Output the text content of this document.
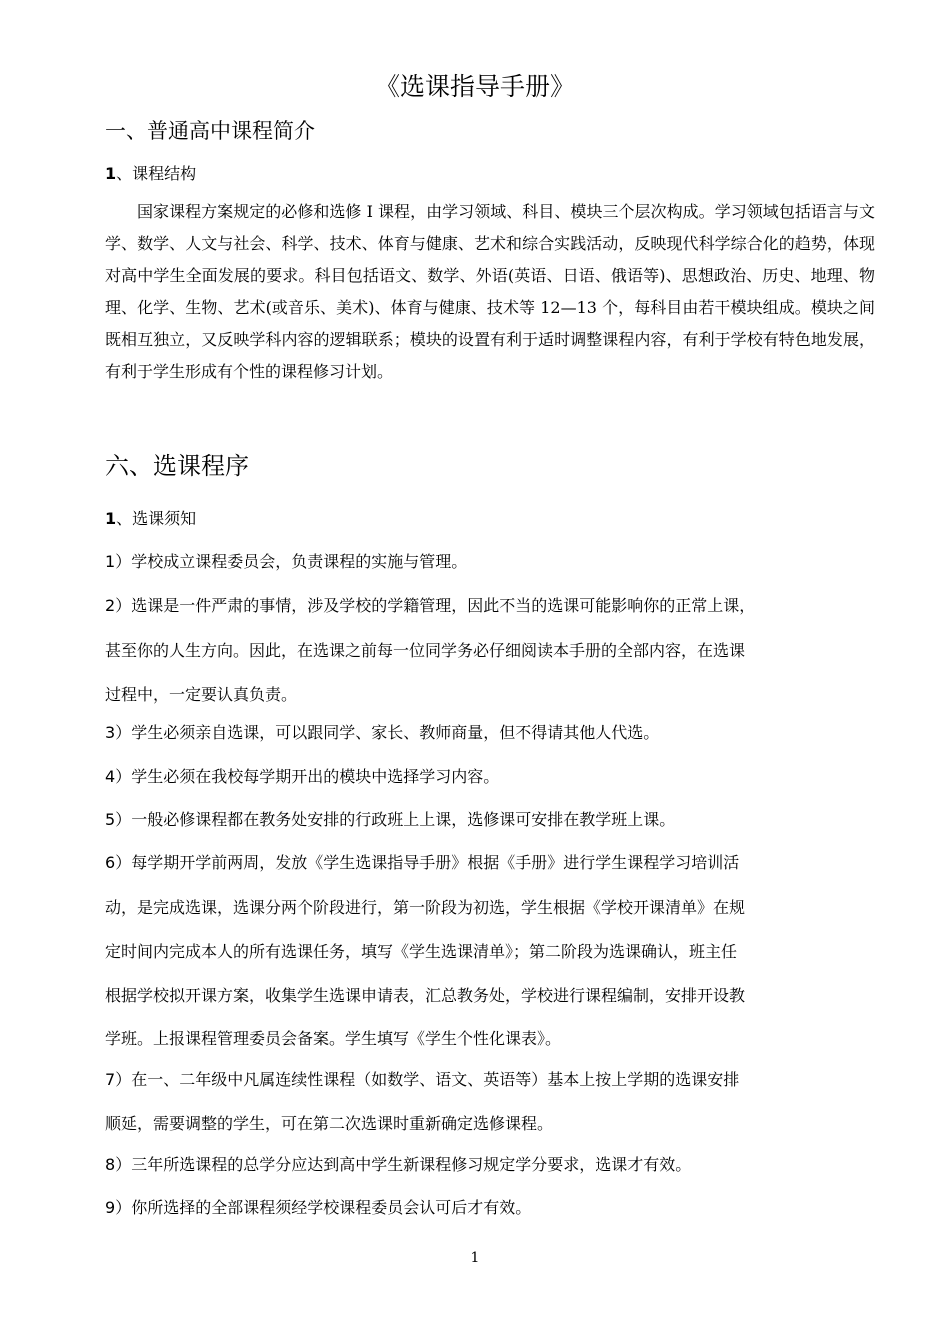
《选课指导手册》
一、普通高中课程简介
1、课程结构
国家课程方案规定的必修和选修 I 课程，由学习领域、科目、模块三个层次构成。学习领域包括语言与文学、数学、人文与社会、科学、技术、体育与健康、艺术和综合实践活动，反映现代科学综合化的趋势，体现对高中学生全面发展的要求。科目包括语文、数学、外语(英语、日语、俄语等)、思想政治、历史、地理、物理、化学、生物、艺术(或音乐、美术)、体育与健康、技术等 12—13 个，每科目由若干模块组成。模块之间既相互独立，又反映学科内容的逻辑联系；模块的设置有利于适时调整课程内容，有利于学校有特色地发展，有利于学生形成有个性的课程修习计划。
六、选课程序
1、选课须知
1）学校成立课程委员会，负责课程的实施与管理。
2）选课是一件严肃的事情，涉及学校的学籍管理，因此不当的选课可能影响你的正常上课，
甚至你的人生方向。因此，在选课之前每一位同学务必仔细阅读本手册的全部内容，在选课
过程中，一定要认真负责。
3）学生必须亲自选课，可以跟同学、家长、教师商量，但不得请其他人代选。
4）学生必须在我校每学期开出的模块中选择学习内容。
5）一般必修课程都在教务处安排的行政班上上课，选修课可安排在教学班上课。
6）每学期开学前两周，发放《学生选课指导手册》根据《手册》进行学生课程学习培训活
动，是完成选课，选课分两个阶段进行，第一阶段为初选，学生根据《学校开课清单》在规
定时间内完成本人的所有选课任务，填写《学生选课清单》；第二阶段为选课确认，班主任
根据学校拟开课方案，收集学生选课申请表，汇总教务处，学校进行课程编制，安排开设教
学班。上报课程管理委员会备案。学生填写《学生个性化课表》。
7）在一、二年级中凡属连续性课程（如数学、语文、英语等）基本上按上学期的选课安排
顺延，需要调整的学生，可在第二次选课时重新确定选修课程。
8）三年所选课程的总学分应达到高中学生新课程修习规定学分要求，选课才有效。
9）你所选择的全部课程须经学校课程委员会认可后才有效。
1
